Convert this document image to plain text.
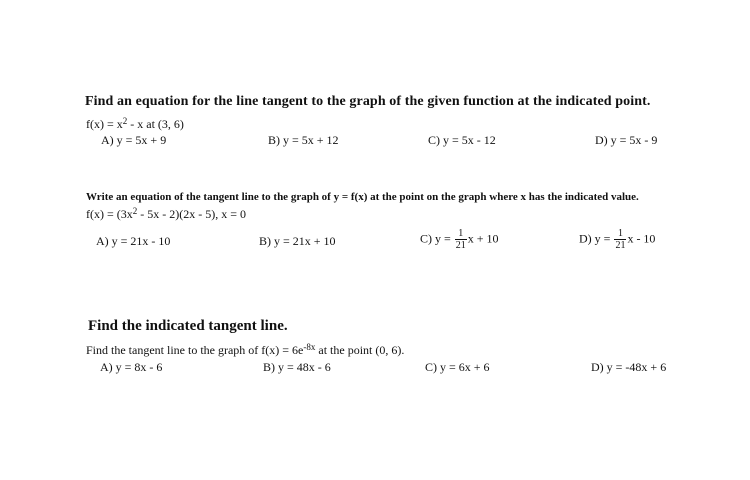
Find an equation for the line tangent to the graph of the given function at the indicated point.
$f(x) = x^2 - x$ at (3, 6)
A) y = 5x + 9	B) y = 5x + 12	C) y = 5x - 12	D) y = 5x - 9
Write an equation of the tangent line to the graph of y = f(x) at the point on the graph where x has the indicated value.
$f(x) = (3x^2 - 5x - 2)(2x - 5)$, x = 0
A) y = 21x - 10	B) y = 21x + 10	C) $y = \frac{1}{21}$ x + 10	D) $y = \frac{1}{21}$ x - 10
Find the indicated tangent line.
Find the tangent line to the graph of $f(x) = 6e^{-8x}$ at the point (0, 6).
A) y = 8x - 6	B) y = 48x - 6	C) y = 6x + 6	D) y = -48x + 6
